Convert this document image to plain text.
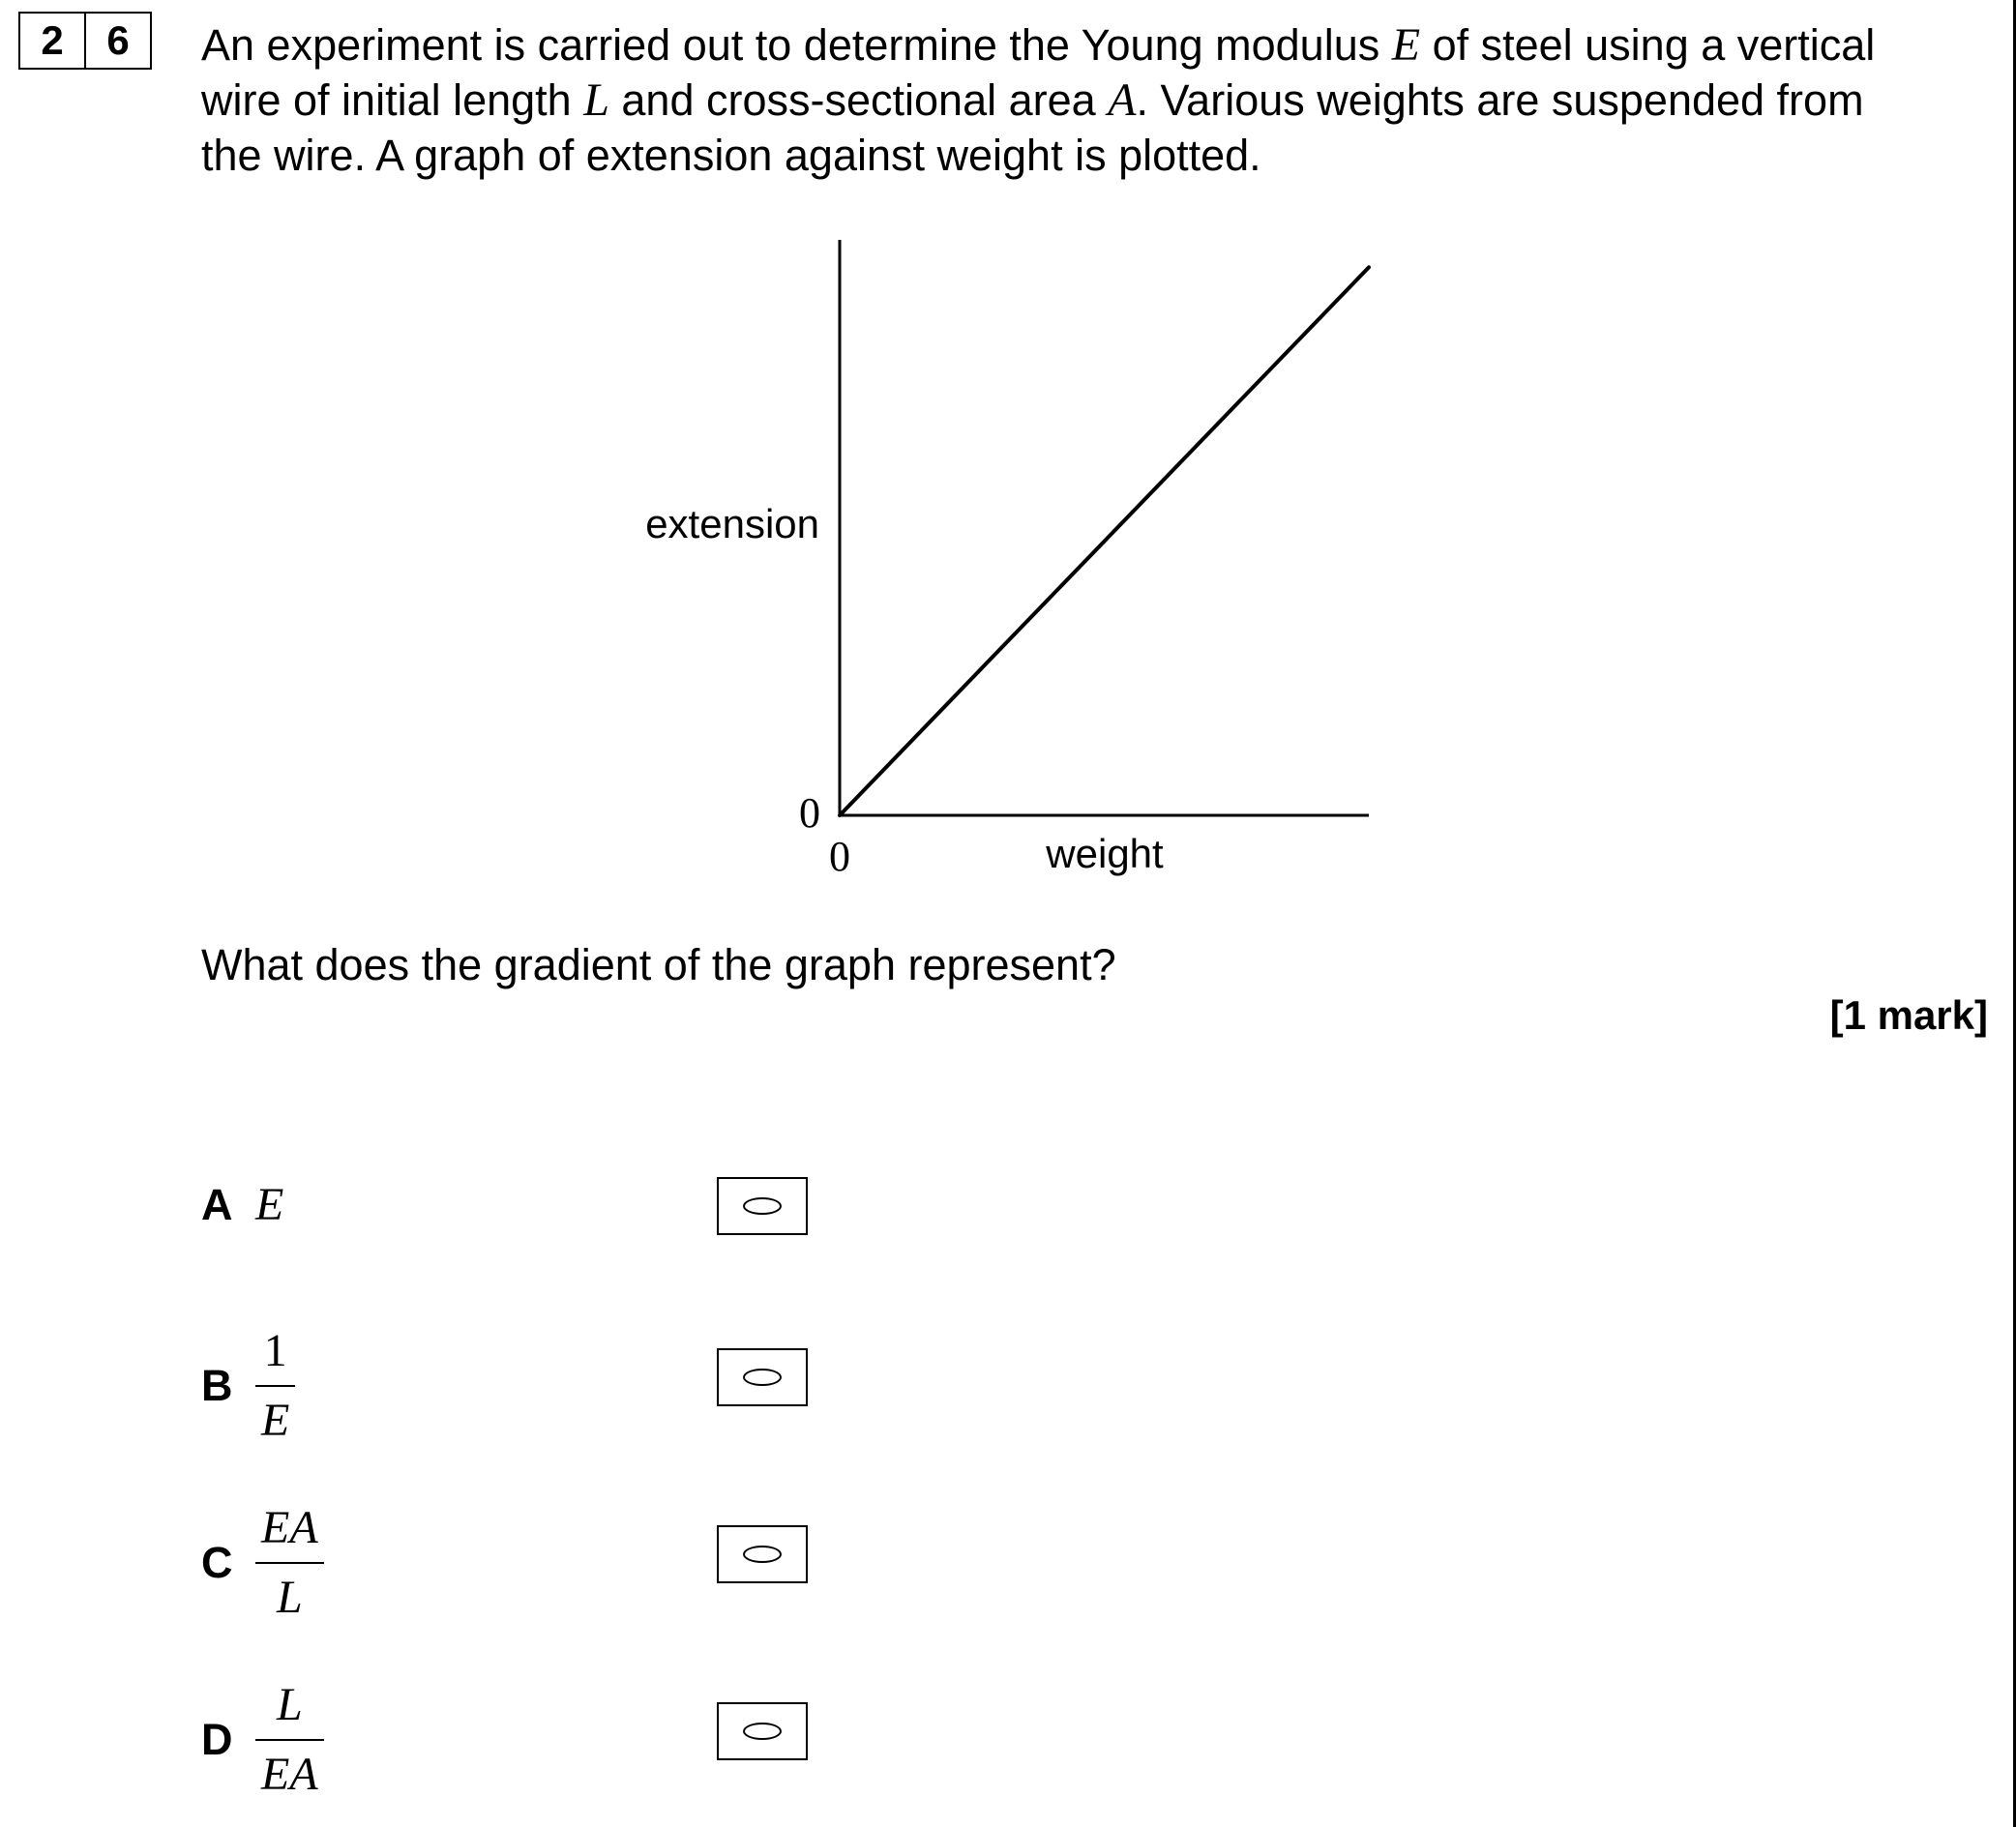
2	6	An experiment is carried out to determine the Young modulus E of steel using a vertical

wire of initial length L and cross-sectional area A. Various weights are suspended from

the wire. A graph of extension against weight is plotted.

extension
weight
0
0
What does the gradient of the graph represent?
[1 mark]
A E
B $\frac{1}{E}$
C $\frac{EA}{L}$
D $\frac{L}{EA}$
